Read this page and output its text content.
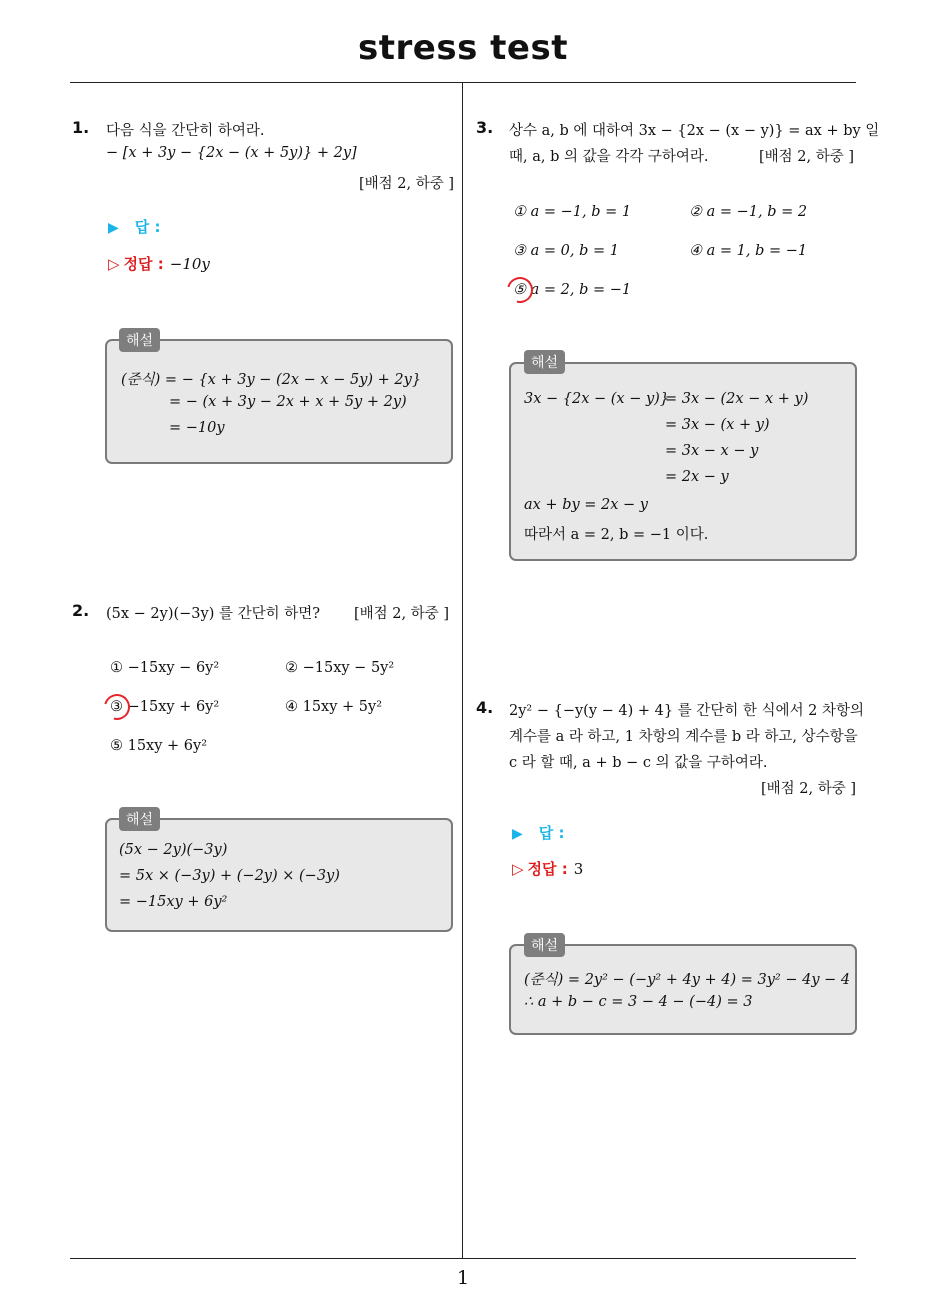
stress test
1. 다음 식을 간단히 하여라.
− [x + 3y − {2x − (x + 5y)} + 2y]
[배점 2, 하중 ]
▶ 답 :
▷ 정답 : −10y
(준식) = − {x + 3y − (2x − x − 5y) + 2y}
= − (x + 3y − 2x + x + 5y + 2y)
= −10y
해설
2. (5x − 2y)(−3y) 를 간단히 하면? [배점 2, 하중 ]
① −15xy − 6y²	② −15xy − 5y²
③ −15xy + 6y²	④ 15xy + 5y²
⑤ 15xy + 6y²
(5x − 2y)(−3y)
= 5x × (−3y) + (−2y) × (−3y)
= −15xy + 6y²
해설
3. 상수 a, b 에 대하여 3x − {2x − (x − y)} = ax + by 일
때, a, b 의 값을 각각 구하여라.	[배점 2, 하중 ]
① a = −1, b = 1	② a = −1, b = 2
③ a = 0, b = 1	④ a = 1, b = −1
⑤ a = 2, b = −1
3x − {2x − (x − y)}
= 3x − (2x − x + y)
= 3x − (x + y)
= 3x − x − y
= 2x − y
ax + by = 2x − y
따라서 a = 2, b = −1 이다.
해설
4. 2y² − {−y(y − 4) + 4} 를 간단히 한 식에서 2 차항의
계수를 a 라 하고, 1 차항의 계수를 b 라 하고, 상수항을
c 라 할 때, a + b − c 의 값을 구하여라.
[배점 2, 하중 ]
▶ 답 :
▷ 정답 : 3
(준식) = 2y² − (−y² + 4y + 4) = 3y² − 4y − 4
∴ a + b − c = 3 − 4 − (−4) = 3
해설
1
